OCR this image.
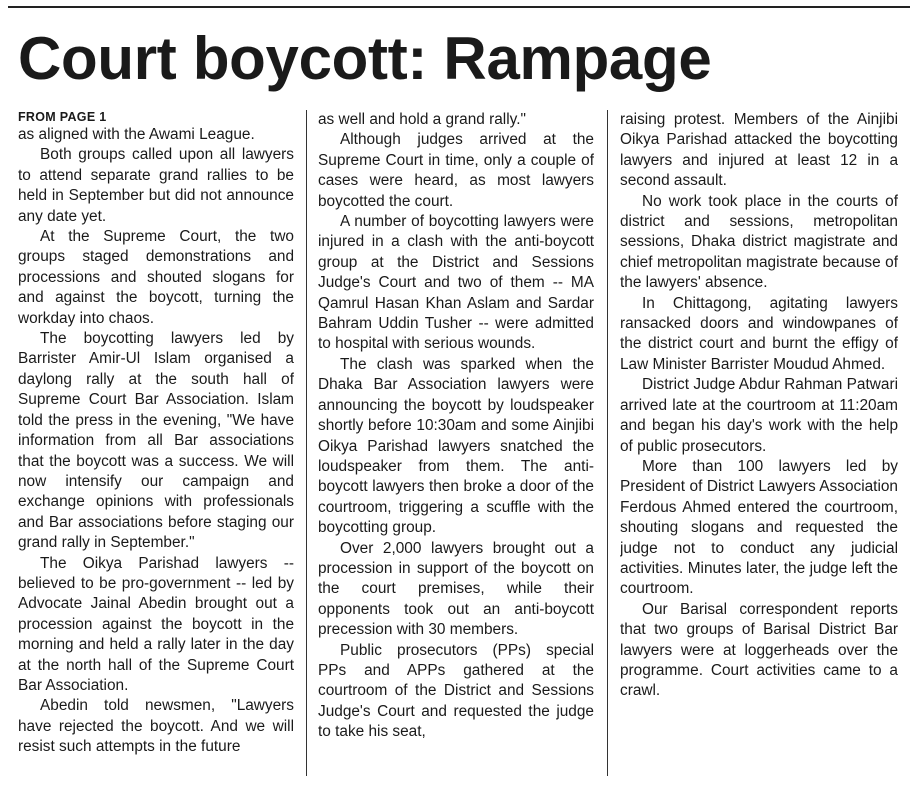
Court boycott: Rampage
FROM PAGE 1

as aligned with the Awami League.

Both groups called upon all lawyers to attend separate grand rallies to be held in September but did not announce any date yet.

At the Supreme Court, the two groups staged demonstrations and processions and shouted slogans for and against the boycott, turning the workday into chaos.

The boycotting lawyers led by Barrister Amir-Ul Islam organised a daylong rally at the south hall of Supreme Court Bar Association. Islam told the press in the evening, "We have information from all Bar associations that the boycott was a success. We will now intensify our campaign and exchange opinions with professionals and Bar associations before staging our grand rally in September."

The Oikya Parishad lawyers -- believed to be pro-government -- led by Advocate Jainal Abedin brought out a procession against the boycott in the morning and held a rally later in the day at the north hall of the Supreme Court Bar Association.

Abedin told newsmen, "Lawyers have rejected the boycott. And we will resist such attempts in the future

as well and hold a grand rally."

Although judges arrived at the Supreme Court in time, only a couple of cases were heard, as most lawyers boycotted the court.

A number of boycotting lawyers were injured in a clash with the anti-boycott group at the District and Sessions Judge's Court and two of them -- MA Qamrul Hasan Khan Aslam and Sardar Bahram Uddin Tusher -- were admitted to hospital with serious wounds.

The clash was sparked when the Dhaka Bar Association lawyers were announcing the boycott by loudspeaker shortly before 10:30am and some Ainjibi Oikya Parishad lawyers snatched the loudspeaker from them. The anti-boycott lawyers then broke a door of the courtroom, triggering a scuffle with the boycotting group.

Over 2,000 lawyers brought out a procession in support of the boycott on the court premises, while their opponents took out an anti-boycott precession with 30 members.

Public prosecutors (PPs) special PPs and APPs gathered at the courtroom of the District and Sessions Judge's Court and requested the judge to take his seat,

raising protest. Members of the Ainjibi Oikya Parishad attacked the boycotting lawyers and injured at least 12 in a second assault.

No work took place in the courts of district and sessions, metropolitan sessions, Dhaka district magistrate and chief metropolitan magistrate because of the lawyers' absence.

In Chittagong, agitating lawyers ransacked doors and windowpanes of the district court and burnt the effigy of Law Minister Barrister Moudud Ahmed.

District Judge Abdur Rahman Patwari arrived late at the courtroom at 11:20am and began his day's work with the help of public prosecutors.

More than 100 lawyers led by President of District Lawyers Association Ferdous Ahmed entered the courtroom, shouting slogans and requested the judge not to conduct any judicial activities. Minutes later, the judge left the courtroom.

Our Barisal correspondent reports that two groups of Barisal District Bar lawyers were at loggerheads over the programme. Court activities came to a crawl.
